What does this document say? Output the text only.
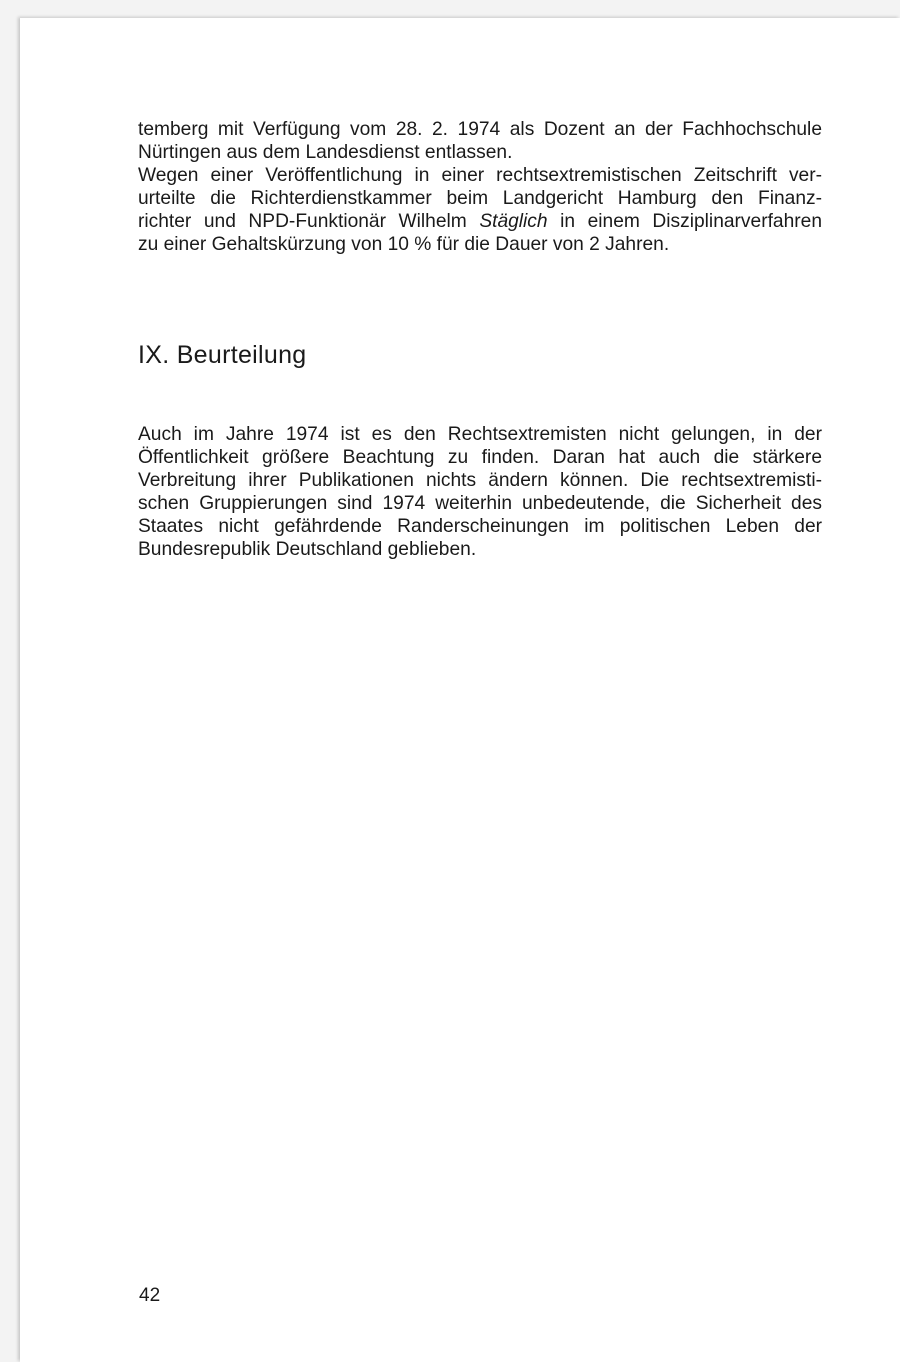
temberg mit Verfügung vom 28. 2. 1974 als Dozent an der Fachhochschule
Nürtingen aus dem Landesdienst entlassen.
Wegen einer Veröffentlichung in einer rechtsextremistischen Zeitschrift ver-
urteilte die Richterdienstkammer beim Landgericht Hamburg den Finanz-
richter und NPD-Funktionär Wilhelm Stäglich in einem Disziplinarverfahren
zu einer Gehaltskürzung von 10 % für die Dauer von 2 Jahren.
IX. Beurteilung
Auch im Jahre 1974 ist es den Rechtsextremisten nicht gelungen, in der
Öffentlichkeit größere Beachtung zu finden. Daran hat auch die stärkere
Verbreitung ihrer Publikationen nichts ändern können. Die rechtsextremisti-
schen Gruppierungen sind 1974 weiterhin unbedeutende, die Sicherheit des
Staates nicht gefährdende Randerscheinungen im politischen Leben der
Bundesrepublik Deutschland geblieben.

42
